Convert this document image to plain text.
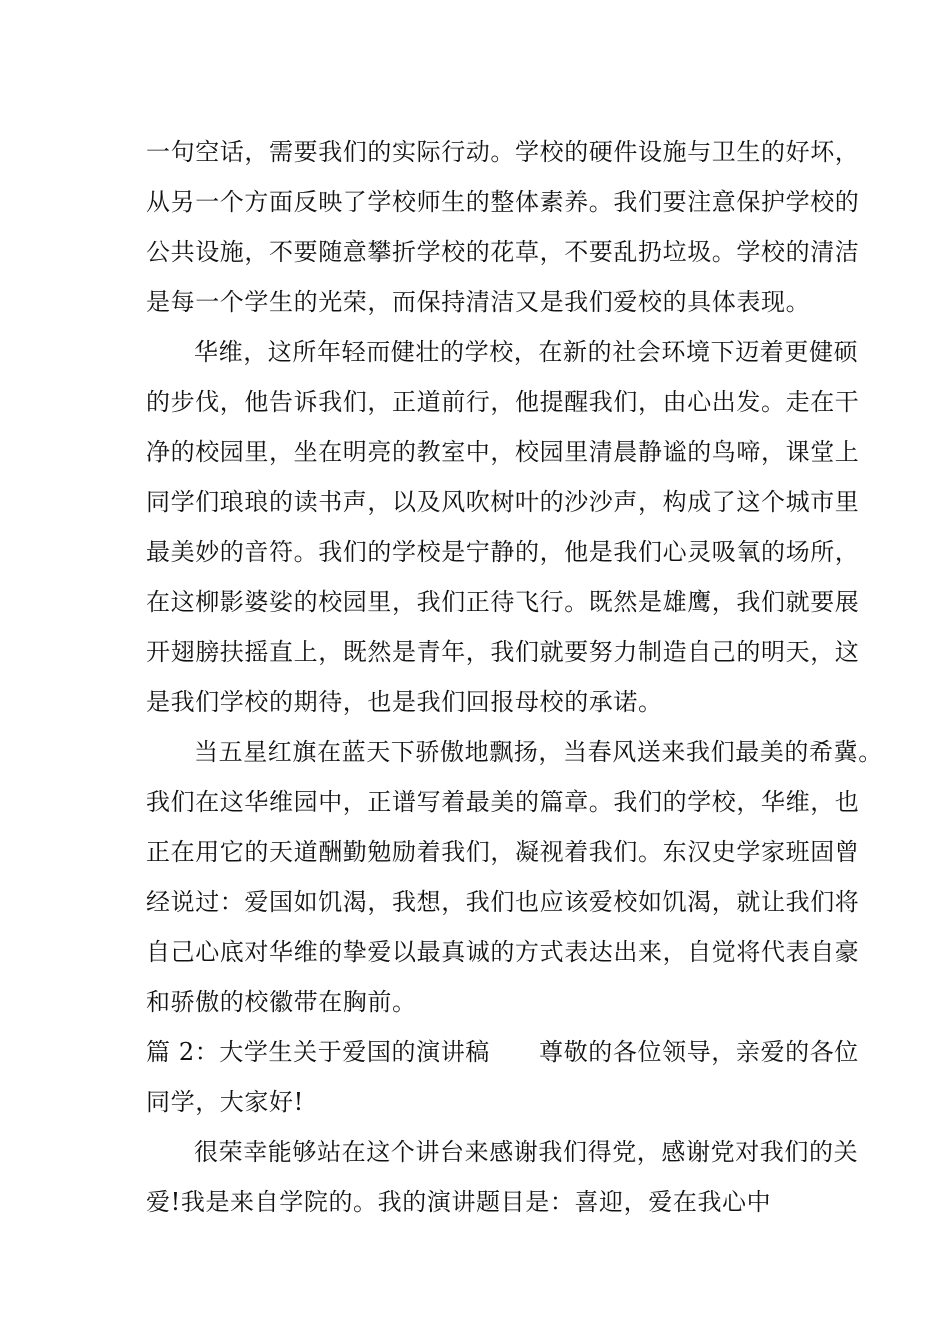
一句空话，需要我们的实际行动。学校的硬件设施与卫生的好坏，
从另一个方面反映了学校师生的整体素养。我们要注意保护学校的
公共设施，不要随意攀折学校的花草，不要乱扔垃圾。学校的清洁
是每一个学生的光荣，而保持清洁又是我们爱校的具体表现。
华维，这所年轻而健壮的学校，在新的社会环境下迈着更健硕
的步伐，他告诉我们，正道前行，他提醒我们，由心出发。走在干
净的校园里，坐在明亮的教室中，校园里清晨静谧的鸟啼，课堂上
同学们琅琅的读书声，以及风吹树叶的沙沙声，构成了这个城市里
最美妙的音符。我们的学校是宁静的，他是我们心灵吸氧的场所，
在这柳影婆娑的校园里，我们正待飞行。既然是雄鹰，我们就要展
开翅膀扶摇直上，既然是青年，我们就要努力制造自己的明天，这
是我们学校的期待，也是我们回报母校的承诺。
当五星红旗在蓝天下骄傲地飘扬，当春风送来我们最美的希冀。
我们在这华维园中，正谱写着最美的篇章。我们的学校，华维，也
正在用它的天道酬勤勉励着我们，凝视着我们。东汉史学家班固曾
经说过：爱国如饥渴，我想，我们也应该爱校如饥渴，就让我们将
自己心底对华维的挚爱以最真诚的方式表达出来，自觉将代表自豪
和骄傲的校徽带在胸前。
篇 2：大学生关于爱国的演讲稿　　尊敬的各位领导，亲爱的各位
同学，大家好!
很荣幸能够站在这个讲台来感谢我们得党，感谢党对我们的关
爱!我是来自学院的。我的演讲题目是：喜迎，爱在我心中
